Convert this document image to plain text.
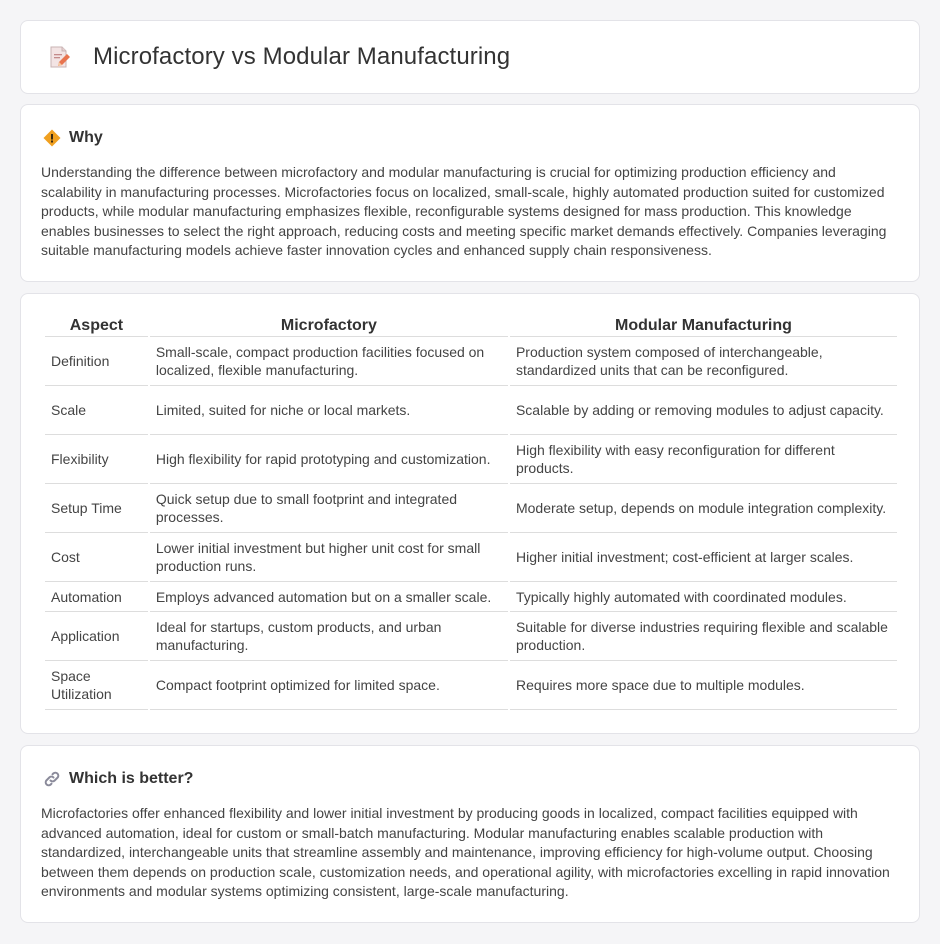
Microfactory vs Modular Manufacturing
Why

Understanding the difference between microfactory and modular manufacturing is crucial for optimizing production efficiency and scalability in manufacturing processes. Microfactories focus on localized, small-scale, highly automated production suited for customized products, while modular manufacturing emphasizes flexible, reconfigurable systems designed for mass production. This knowledge enables businesses to select the right approach, reducing costs and meeting specific market demands effectively. Companies leveraging suitable manufacturing models achieve faster innovation cycles and enhanced supply chain responsiveness.

Aspect	Microfactory	Modular Manufacturing
Definition	Small-scale, compact production facilities focused on localized, flexible manufacturing.	Production system composed of interchangeable, standardized units that can be reconfigured.
Scale	Limited, suited for niche or local markets.	Scalable by adding or removing modules to adjust capacity.
Flexibility	High flexibility for rapid prototyping and customization.	High flexibility with easy reconfiguration for different products.
Setup Time	Quick setup due to small footprint and integrated processes.	Moderate setup, depends on module integration complexity.
Cost	Lower initial investment but higher unit cost for small production runs.	Higher initial investment; cost-efficient at larger scales.
Automation	Employs advanced automation but on a smaller scale.	Typically highly automated with coordinated modules.
Application	Ideal for startups, custom products, and urban manufacturing.	Suitable for diverse industries requiring flexible and scalable production.
Space Utilization	Compact footprint optimized for limited space.	Requires more space due to multiple modules.
Which is better?

Microfactories offer enhanced flexibility and lower initial investment by producing goods in localized, compact facilities equipped with advanced automation, ideal for custom or small-batch manufacturing. Modular manufacturing enables scalable production with standardized, interchangeable units that streamline assembly and maintenance, improving efficiency for high-volume output. Choosing between them depends on production scale, customization needs, and operational agility, with microfactories excelling in rapid innovation environments and modular systems optimizing consistent, large-scale manufacturing.
